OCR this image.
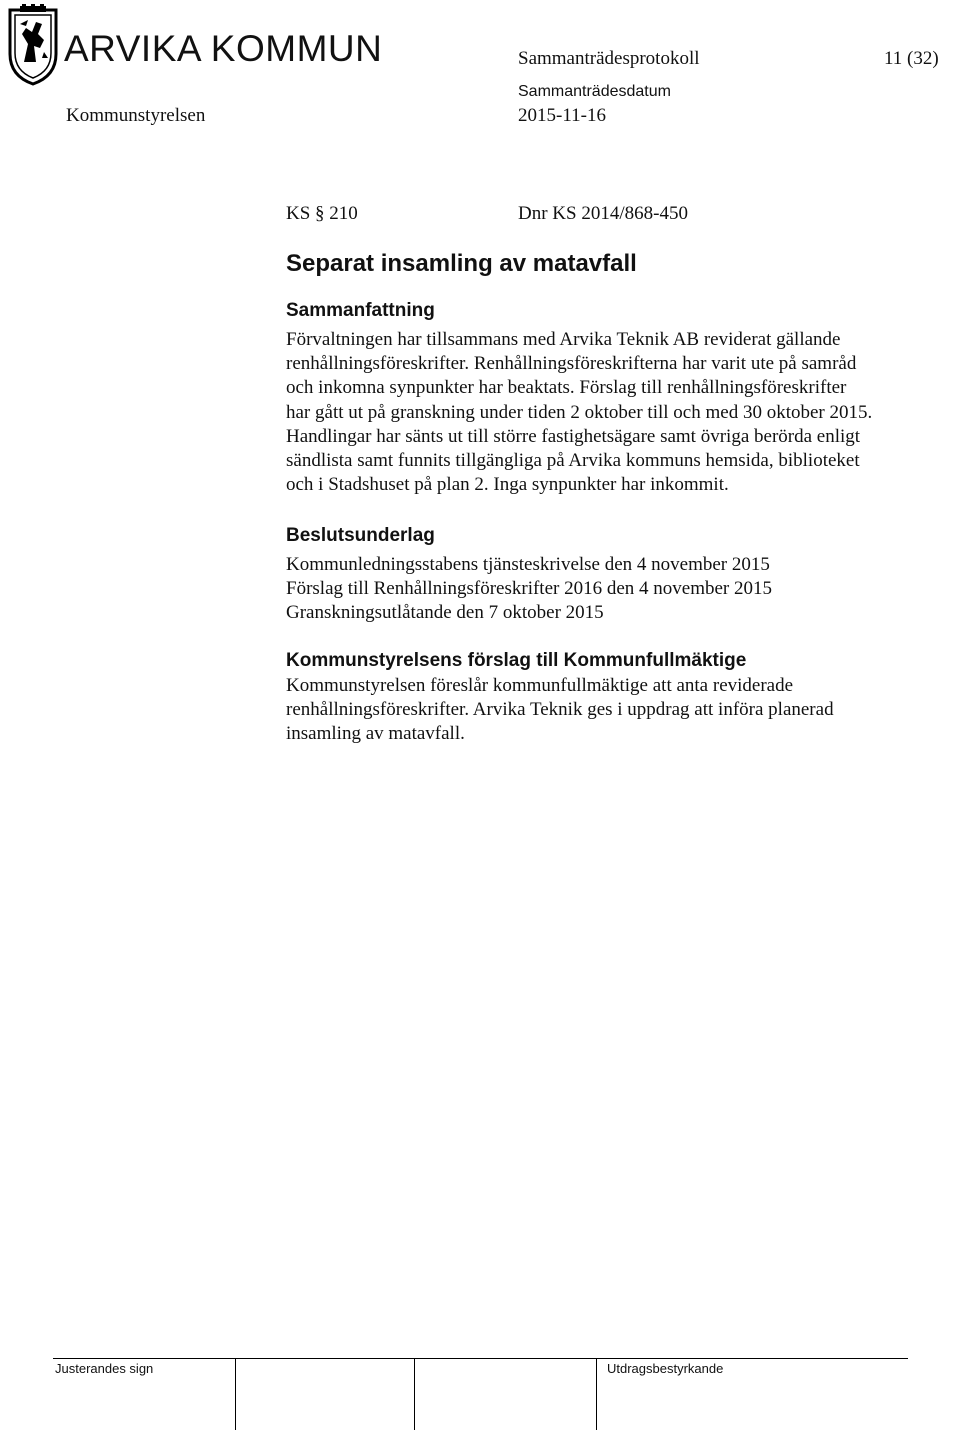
ARVIKA KOMMUN	Sammanträdesprotokoll	11 (32)
Kommunstyrelsen
Sammanträdesdatum
2015-11-16
KS § 210	Dnr KS 2014/868-450
Separat insamling av matavfall
Sammanfattning

Förvaltningen har tillsammans med Arvika Teknik AB reviderat gällande

renhållningsföreskrifter. Renhållningsföreskrifterna har varit ute på samråd

och inkomna synpunkter har beaktats. Förslag till renhållningsföreskrifter

har gått ut på granskning under tiden 2 oktober till och med 30 oktober 2015.

Handlingar har sänts ut till större fastighetsägare samt övriga berörda enligt

sändlista samt funnits tillgängliga på Arvika kommuns hemsida, biblioteket

och i Stadshuset på plan 2. Inga synpunkter har inkommit.

Beslutsunderlag

Kommunledningsstabens tjänsteskrivelse den 4 november 2015

Förslag till Renhållningsföreskrifter 2016 den 4 november 2015

Granskningsutlåtande den 7 oktober 2015

Kommunstyrelsens förslag till Kommunfullmäktige

Kommunstyrelsen föreslår kommunfullmäktige att anta reviderade

renhållningsföreskrifter. Arvika Teknik ges i uppdrag att införa planerad

insamling av matavfall.

Justerandes sign	Utdragsbestyrkande
